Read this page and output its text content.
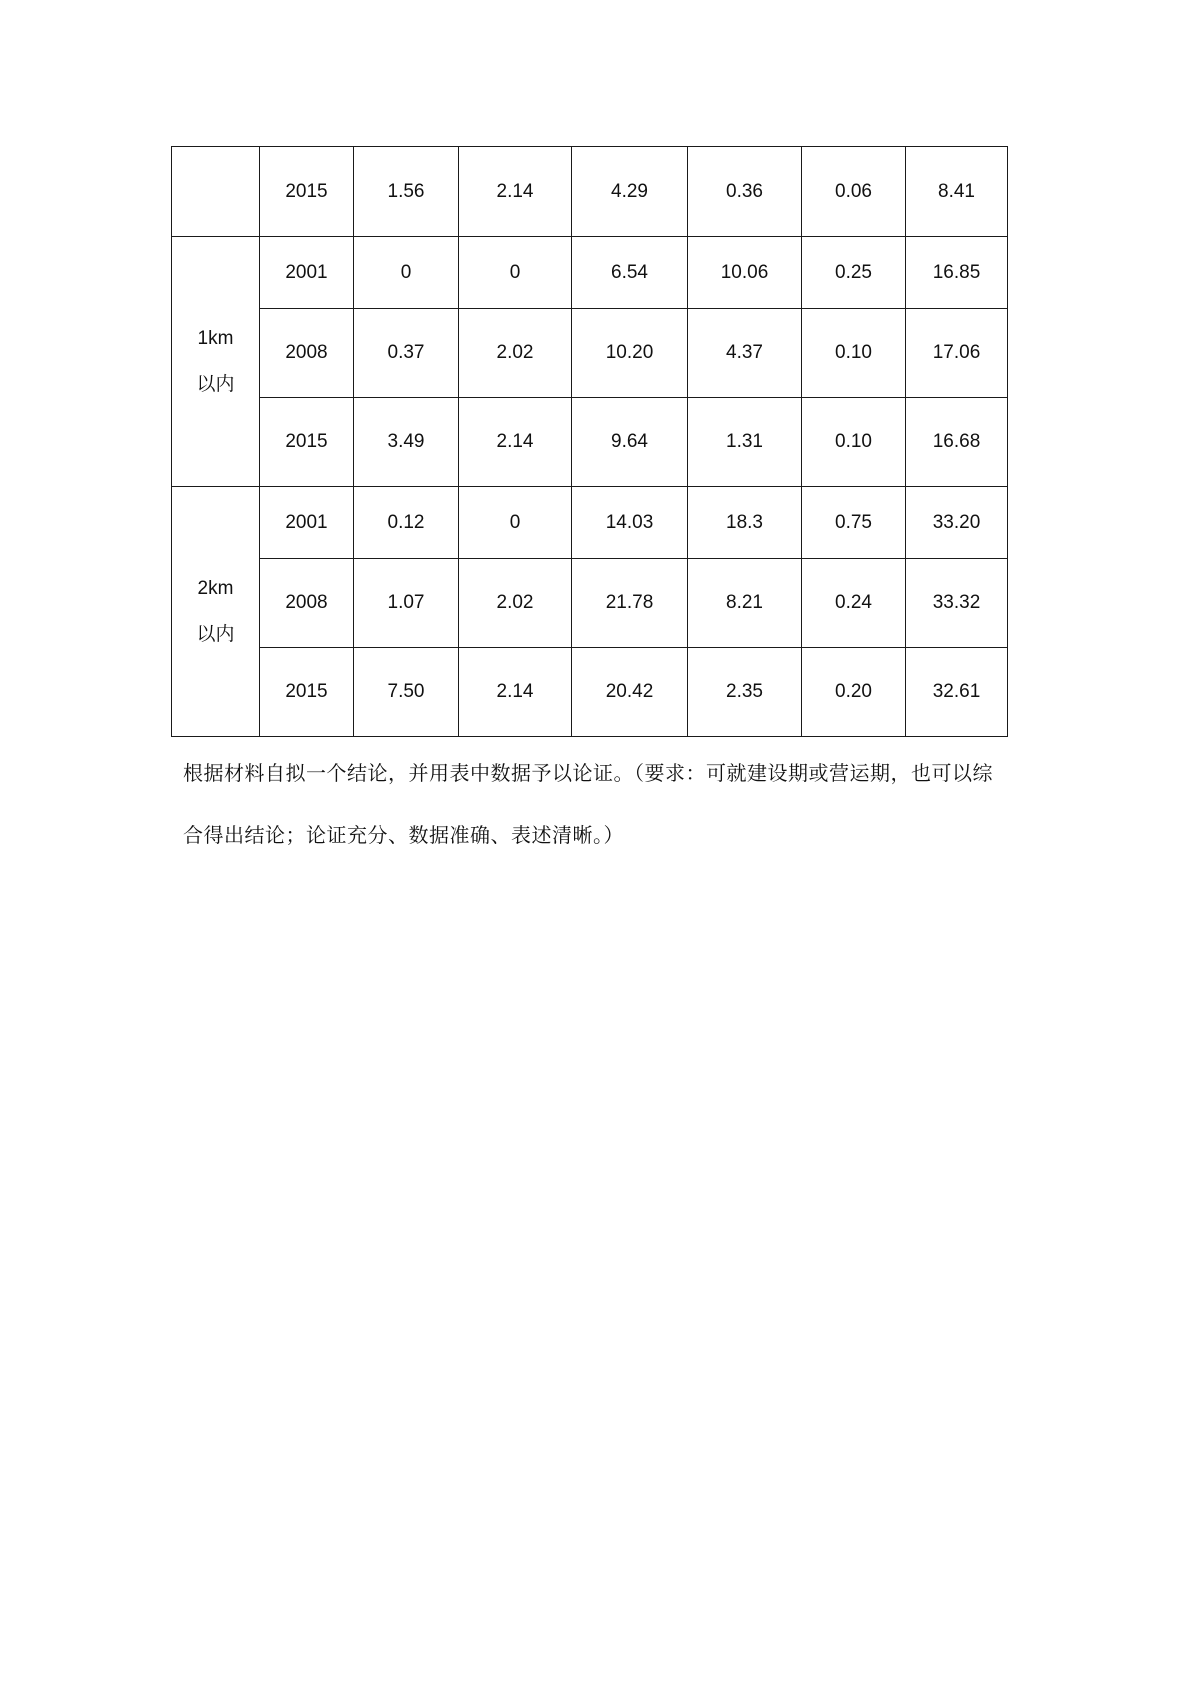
	2015	1.56	2.14	4.29	0.36	0.06	8.41

1km
以内	2001	0	0	6.54	10.06	0.25	16.85
	2008	0.37	2.02	10.20	4.37	0.10	17.06
	2015	3.49	2.14	9.64	1.31	0.10	16.68

2km
以内	2001	0.12	0	14.03	18.3	0.75	33.20
	2008	1.07	2.02	21.78	8.21	0.24	33.32
	2015	7.50	2.14	20.42	2.35	0.20	32.61
根据材料自拟一个结论，并用表中数据予以论证。（要求：可就建设期或营运期，也可以综
合得出结论；论证充分、数据准确、表述清晰。）
